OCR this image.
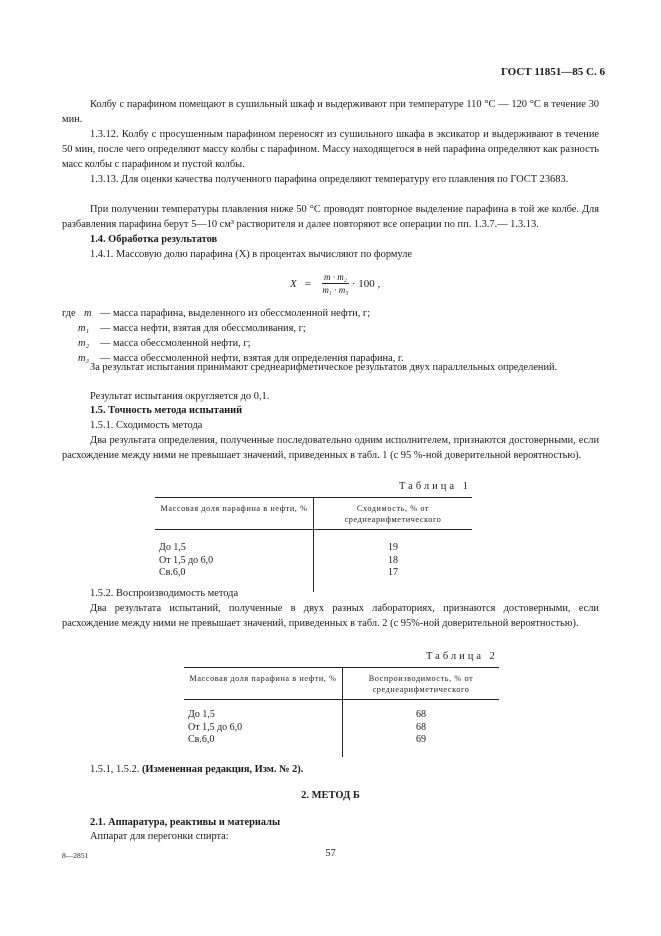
ГОСТ 11851—85 С. 6

Колбу с парафином помещают в сушильный шкаф и выдерживают при температуре 110 °С — 120 °С в течение 30 мин.

1.3.12. Колбу с просушенным парафином переносят из сушильного шкафа в эксикатор и выдерживают в течение 50 мин, после чего определяют массу колбы с парафином. Массу находящегося в ней парафина определяют как разность масс колбы с парафином и пустой колбы.

1.3.13. Для оценки качества полученного парафина определяют температуру его плавления по ГОСТ 23683.

При получении температуры плавления ниже 50 °С проводят повторное выделение парафина в той же колбе. Для разбавления парафина берут 5—10 см³ растворителя и далее повторяют все операции по пп. 1.3.7.— 1.3.13.

1.4. Обработка результатов

1.4.1. Массовую долю парафина (X) в процентах вычисляют по формуле

$X = \frac{\text{m · m₂}}{\text{m₁ · m₃}} \cdot 100$ ,
где m — масса парафина, выделенного из обессмоленной нефти, г;
m₁	— масса нефти, взятая для обессмоливания, г;
m₂	— масса обессмоленной нефти, г;
m₃	— масса обессмоленной нефти, взятая для определения парафина, г.

За результат испытания принимают среднеарифметическое результатов двух параллельных определений.

Результат испытания округляется до 0,1.

1.5. Точность метода испытаний

1.5.1. Сходимость метода

Два результата определения, полученные последовательно одним исполнителем, признаются достоверными, если расхождение между ними не превышает значений, приведенных в табл. 1 (с 95 %-ной доверительной вероятностью).

Таблица 1
Массовая доля парафина в нефти, %	Сходимость, % от среднеарифметического
До 1,5	19
От 1,5 до 6,0	18
Св.6,0	17

1.5.2. Воспроизводимость метода

Два результата испытаний, полученные в двух разных лабораториях, признаются достоверными, если расхождение между ними не превышает значений, приведенных в табл. 2 (с 95%-ной доверительной вероятностью).

Таблица 2
Массовая доля парафина в нефти, %	Воспроизводимость, % от среднеарифметического
До 1,5	68
От 1,5 до 6,0	68
Св.6,0	69

1.5.1, 1.5.2. (Измененная редакция, Изм. № 2).

2. МЕТОД Б

2.1. Аппаратура, реактивы и материалы

Аппарат для перегонки спирта:

8—2851	57
